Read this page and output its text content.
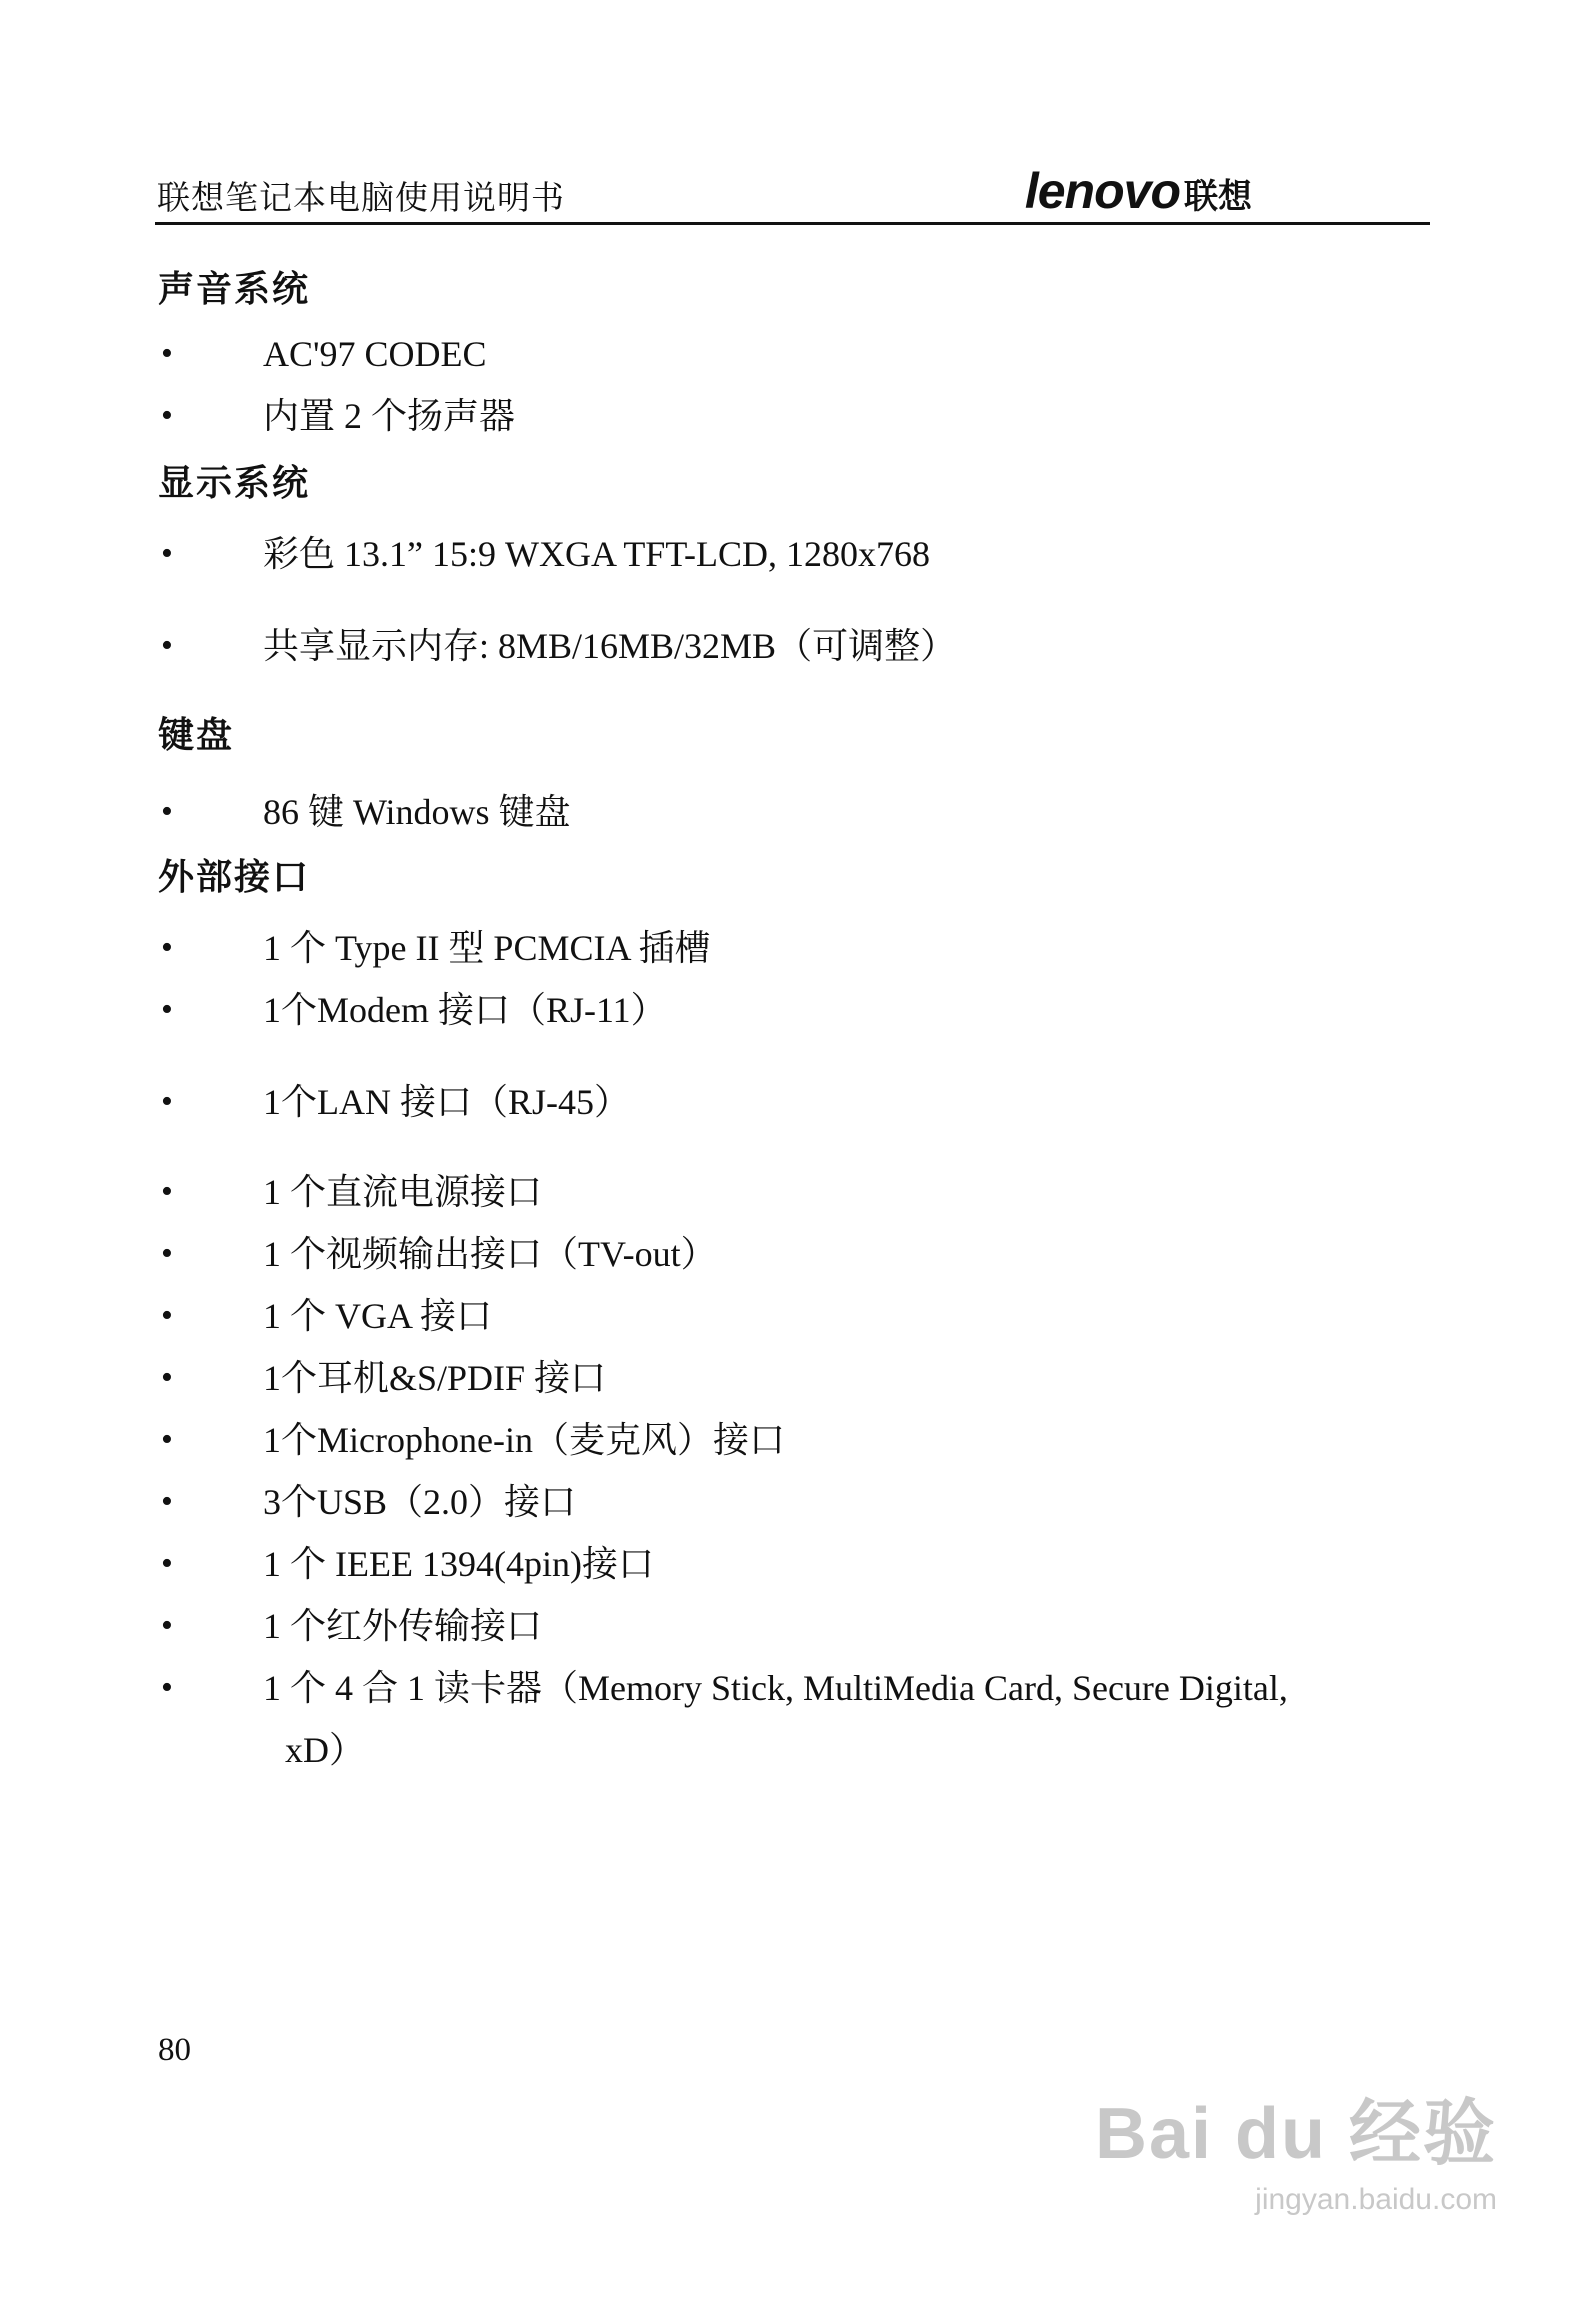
联想笔记本电脑使用说明书	lenovo 联想
声音系统
• AC'97 CODEC
• 内置 2 个扬声器
显示系统
• 彩色 13.1” 15:9 WXGA TFT-LCD, 1280x768
• 共享显示内存: 8MB/16MB/32MB（可调整）
键盘
• 86 键 Windows 键盘
外部接口
• 1 个 Type II 型 PCMCIA 插槽
• 1个Modem 接口（RJ-11）
• 1个LAN 接口（RJ-45）
• 1 个直流电源接口
• 1 个视频输出接口（TV-out）
• 1 个 VGA 接口
• 1个耳机&S/PDIF 接口
• 1个Microphone-in（麦克风）接口
• 3个USB（2.0）接口
• 1 个 IEEE 1394(4pin)接口
• 1 个红外传输接口
• 1 个 4 合 1 读卡器（Memory Stick, MultiMedia Card, Secure Digital,
xD）
80
Bai du 经验
jingyan.baidu.com
